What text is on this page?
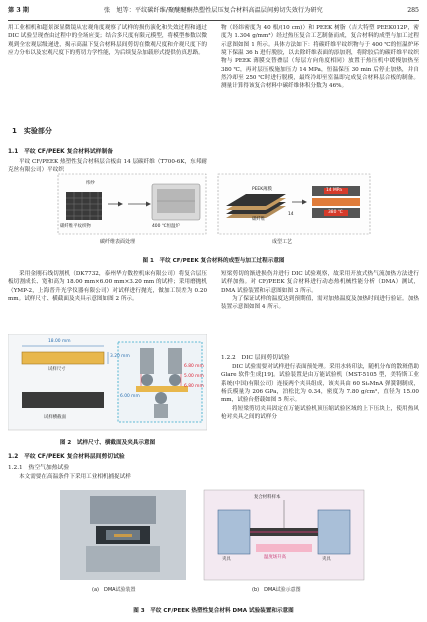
第 3 期	张　旭等：平纹碳纤维/聚醚醚酮热塑性层压复合材料高温层间剪切失效行为研究	285

用工业相机和超景深显微镜从宏观角度观察了试样的损伤演化和失效过程和通过 DIC 试验呈现查由过程中的全场应变；结合多尺度有限元模型，将模型参数以微观到全宏观层级递进，揭示高温下复合材料层间剪切在微观尺度和介观尺度下的应力分布以及宏观尺度下的剪切力学性能，为后续复杂加载形式提供仿真思路。

1　实验部分
1.1　平纹 CF/PEEK 复合材料试样制备

平纹 CF/PEEK 热塑性复合材料层合板由 14 层碳纤维（T700-6K，东邦耐克丝有限公司）平纹织

物（经纬密度为 40 根/(10 cm)）和 PEEK 树脂（吉大特塑 PEEK012P，密度为 1.304 g/mm³）经过热压复合工艺制备而成，复合材料的成型与加工过程示意图如图 1 所示。具体方法如下：将碳纤维平纹织物与于 400 ℃的恒温炉环境下保温 36 h 进行脱胶，以去除纤维表面的添加剂，将除胶后的碳纤维平纹织物与 PEEK 薄膜交替叠层（每层方向角度相同）放置于热压机中缓慢加热至 380 ℃，再对层压板施加压力 14 MPa，恒温保压 30 min 后停止加热，并自然冷却至 250 ℃时进行脱模，最终冷却至室温即完成复合材料层合板的制备。测量计算得该复合材料中碳纤维体积分数为 46%。

纬纱
碳纤维平纹织物	400 ℃恒温炉
PEEK薄膜
碳纤维
14 MPa
380 ℃
14
碳纤维表面处理	成型工艺
图 1　平纹 CF/PEEK 复合材料的成型与加工过程示意图

采用金刚石线切割机（DK7732，泰州华方数控机床有限公司）将复合层压板切割成长、宽和高为 18.00 mm×6.00 mm×3.20 mm 的试样；采用磨抛机（YMP-2，上海普升光学仪器有限公司）对试样进行抛光，做加工误差为 0.20 mm。试样尺寸、横截面及夹具示意图如图 2 所示。

18.00 mm
3.20 mm
试样尺寸
试样横截面
6.80 mm
5.00 mm
6.80 mm
6.00 mm
图 2　试样尺寸、横截面及夹具示意图
1.2　平纹 CF/PEEK 复合材料层间剪切试验
1.2.1　热空气加热试验

本文需要在高温条件下采用工业相机捕捉试样

短梁剪切的渐进损伤并进行 DIC 试验观察，故采用开放式热气流加热方法进行试样加热。对 CF/PEEK 复合材料进行动态热机械性能分析（DMA）测试，DMA 试验装置和示意图如图 3 所示。

为了保证试样的温度达到预期值，需对加热温度及加热时间进行验证。加热装置示意图如图 4 所示。

1.2.2　DIC 层间剪切试验

DIC 试验需要对试样进行表面预处理。采用水转印法，随机分布的散斑借助 Glare 软件生成[19]。试验装置是由万能试验机（MST-5105 型，美特斯工业系统(中国)有限公司）连接两个夹具组成，该夹具由 60 Si₂MnA 弹簧钢制成，杨氏模量为 206 GPa，泊松比为 0.34，密度为 7.80 g/cm³，直径为 15.00 mm，试验台搭载如图 5 所示。

将短梁剪切夹具固定在万能试验机顶压缩试验区域的上下压块上，使用热风枪对夹具之间的试样分

复合材料样本
夹具	夹具
温度场升高
(a)　DMA试验装置	(b)　DMA试验示意图
图 3　平纹 CF/PEEK 热塑性复合材料 DMA 试验装置和示意图
